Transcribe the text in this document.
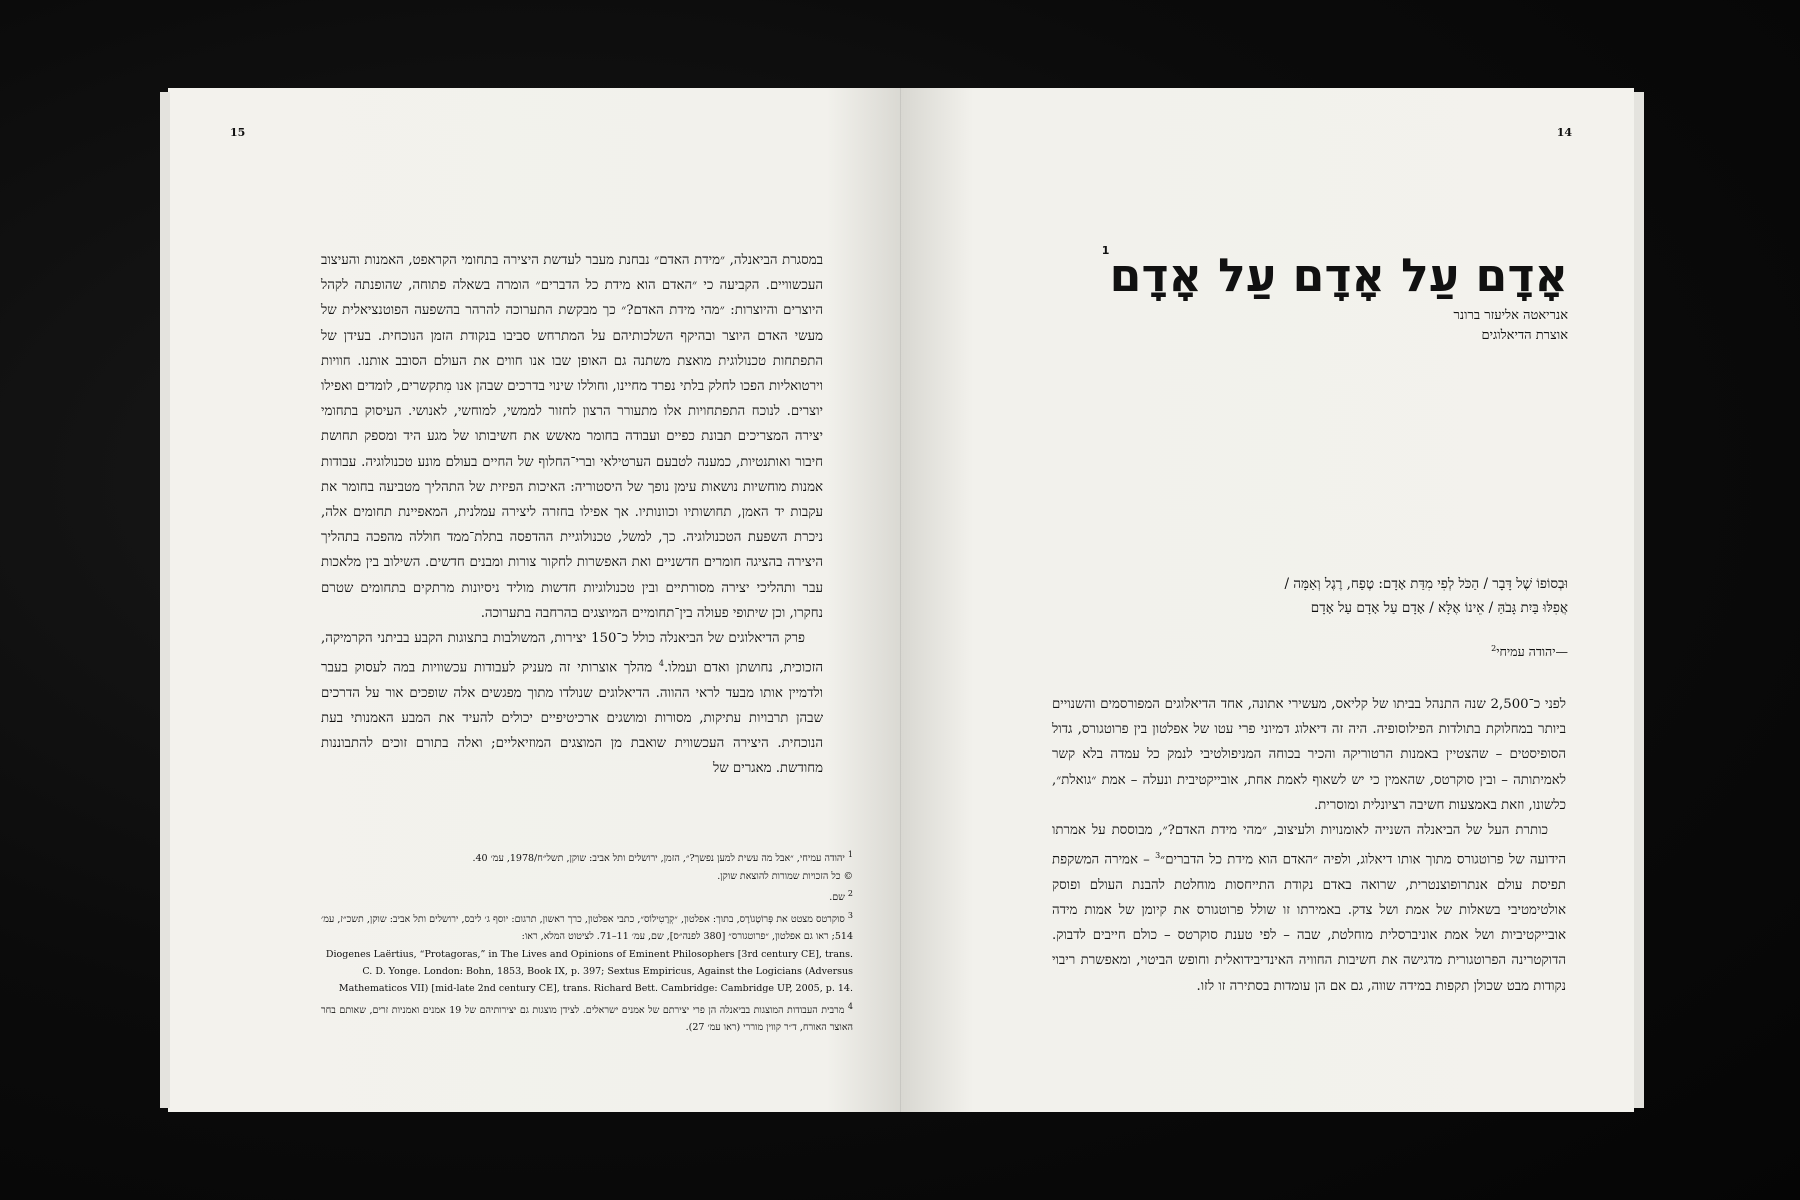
15

במסגרת הביאנלה, ״מידת האדם״ נבחנת מעבר לעדשת היצירה בתחומי הקראפט, האמנות והעיצוב העכשוויים. הקביעה כי ״האדם הוא מידת כל הדברים״ הומרה בשאלה פתוחה, שהופנתה לקהל היוצרים והיוצרות: ״מהי מידת האדם?״ כך מבקשת התערוכה להרהר בהשפעה הפוטנציאלית של מעשי האדם היוצר ובהיקף השלכותיהם על המתרחש סביבו בנקודת הזמן הנוכחית. בעידן של התפתחות טכנולוגית מואצת משתנה גם האופן שבו אנו חווים את העולם הסובב אותנו. חוויות וירטואליות הפכו לחלק בלתי נפרד מחיינו, וחוללו שינוי בדרכים שבהן אנו מִתקשרים, לומדים ואפילו יוצרים. לנוכח התפתחויות אלו מתעורר הרצון לחזור לממשי, למוחשי, לאנושי. העיסוק בתחומי יצירה המצריכים תבונת כפיים ועבודה בחומר מאשש את חשיבותו של מגע היד ומספק תחושת חיבור ואותנטיות, כמענה לטבעם הערטילאי וברי־החלוף של החיים בעולם מונע טכנולוגיה. עבודות אמנות מוחשיות נושאות עימן נופך של היסטוריה: האיכות הפיזית של התהליך מטביעה בחומר את עקבות יד האמן, תחושותיו וכוונותיו. אך אפילו בחזרה ליצירה עמלנית, המאפיינת תחומים אלה, ניכרת השפעת הטכנולוגיה. כך, למשל, טכנולוגיית ההדפסה בתלת־ממד חוללה מהפכה בתהליך היצירה בהציגה חומרים חדשניים ואת האפשרות לחקור צורות ומבנים חדשים. השילוב בין מלאכות עבר ותהליכי יצירה מסורתיים ובין טכנולוגיות חדשות מוליד ניסיונות מרתקים בתחומים שטרם נחקרו, וכן שיתופי פעולה בין־תחומיים המיוצגים בהרחבה בתערוכה.

פרק הדיאלוגים של הביאנלה כולל כ־150 יצירות, המשולבות בתצוגות הקבע בביתני הקרמיקה, הזכוכית, נחושתן ואדם ועמלו.$^4$ מהלך אוצרותי זה מעניק לעבודות עכשוויות במה לעסוק בעבר ולדמיין אותו מבעד לראי ההווה. הדיאלוגים שנולדו מתוך מפגשים אלה שופכים אור על הדרכים שבהן תרבויות עתיקות, מסורות ומושגים ארכיטיפיים יכולים להעיד את המבע האמנותי בעת הנוכחית. היצירה העכשווית שואבת מן המוצגים המוזיאליים; ואלה בתורם זוכים להתבוננות מחודשת. מאגרים של

$^1$ יהודה עמיחי, ״אבל מה עשית למען נפשך?״, הזמן, ירושלים ותל אביב: שוקן, תשל״ח/1978, עמ׳ 40.
© כל הזכויות שמורות להוצאת שוקן.
$^2$ שם.
$^3$ סוקרטס מצטט את פְּרוֹטָגוֹרָס, בתוך: אפלטון, ״קְרָטִילוֹס״, כתבי אפלטון, כרך ראשון, תרגום: יוסף ג׳ ליבס, ירושלים ותל אביב: שוקן, תשכ״ז, עמ׳ 514; ראו גם אפלטון, ״פרוטגורס״ [380 לפנה״ס], שם, עמ׳ 11–71. לציטוט המלא, ראו:
Diogenes Laërtius, “Protagoras,” in The Lives and Opinions of Eminent Philosophers [3rd century CE], trans. C. D. Yonge. London: Bohn, 1853, Book IX, p. 397; Sextus Empiricus, Against the Logicians (Adversus Mathematicos VII) [mid-late 2nd century CE], trans. Richard Bett. Cambridge: Cambridge UP, 2005, p. 14.
$^4$ מרבית העבודות המוצגות בביאנלה הן פרי יצירתם של אמנים ישראלים. לצידן מוצגות גם יצירותיהם של 19 אמנים ואמניות זרים, שאותם בחר האוצר האורח, ד״ר קווין מוררי (ראו עמ׳ 27).
14
אָדָם עַל אָדָם עַל אָדָם$^1$
אנריאטה אליעזר ברונר
אוצרת הדיאלוגים
וּבְסוֹפוֹ שֶׁל דָּבָר / הַכֹּל לְפִי מִדַּת אָדָם: טֶפַח, רֶגֶל וְאַמָּה /
אֲפִלּוּ בַּיִת גָּבֹהַּ / אֵינוֹ אֶלָּא / אָדָם עַל אָדָם עַל אָדָם
—יהודה עמיחי$^2$

לפני כ־2,500 שנה התנהל בביתו של קליאס, מעשירי אתונה, אחד הדיאלוגים המפורסמים והשנויים ביותר במחלוקת בתולדות הפילוסופיה. היה זה דיאלוג דמיוני פרי עטו של אפלטון בין פרוטגורס, גדול הסופיסטים – שהצטיין באמנות הרטוריקה והכיר בכוחה המניפולטיבי לנמק כל עמדה בלא קשר לאמיתותה – ובין סוקרטס, שהאמין כי יש לשאוף לאמת אחת, אובייקטיבית ונעלה – אמת ״גואלת״, כלשונו, וזאת באמצעות חשיבה רציונלית ומוסרית.

כותרת העל של הביאנלה השנייה לאומנויות ולעיצוב, ״מהי מידת האדם?״, מבוססת על אמרתו הידועה של פרוטגורס מתוך אותו דיאלוג, ולפיה ״האדם הוא מידת כל הדברים״$^3$ – אמירה המשקפת תפיסת עולם אנתרופוצנטרית, שרואה באדם נקודת התייחסות מוחלטת להבנת העולם ופוסק אולטימטיבי בשאלות של אמת ושל צדק. באמירתו זו שולל פרוטגורס את קיומן של אמות מידה אובייקטיביות ושל אמת אוניברסלית מוחלטת, שבה – לפי טענת סוקרטס – כולם חייבים לדבוק. הדוקטרינה הפרוטגורית מדגישה את חשיבות החוויה האינדיבידואלית וחופש הביטוי, ומאפשרת ריבוי נקודות מבט שכולן תקפות במידה שווה, גם אם הן עומדות בסתירה זו לזו.
